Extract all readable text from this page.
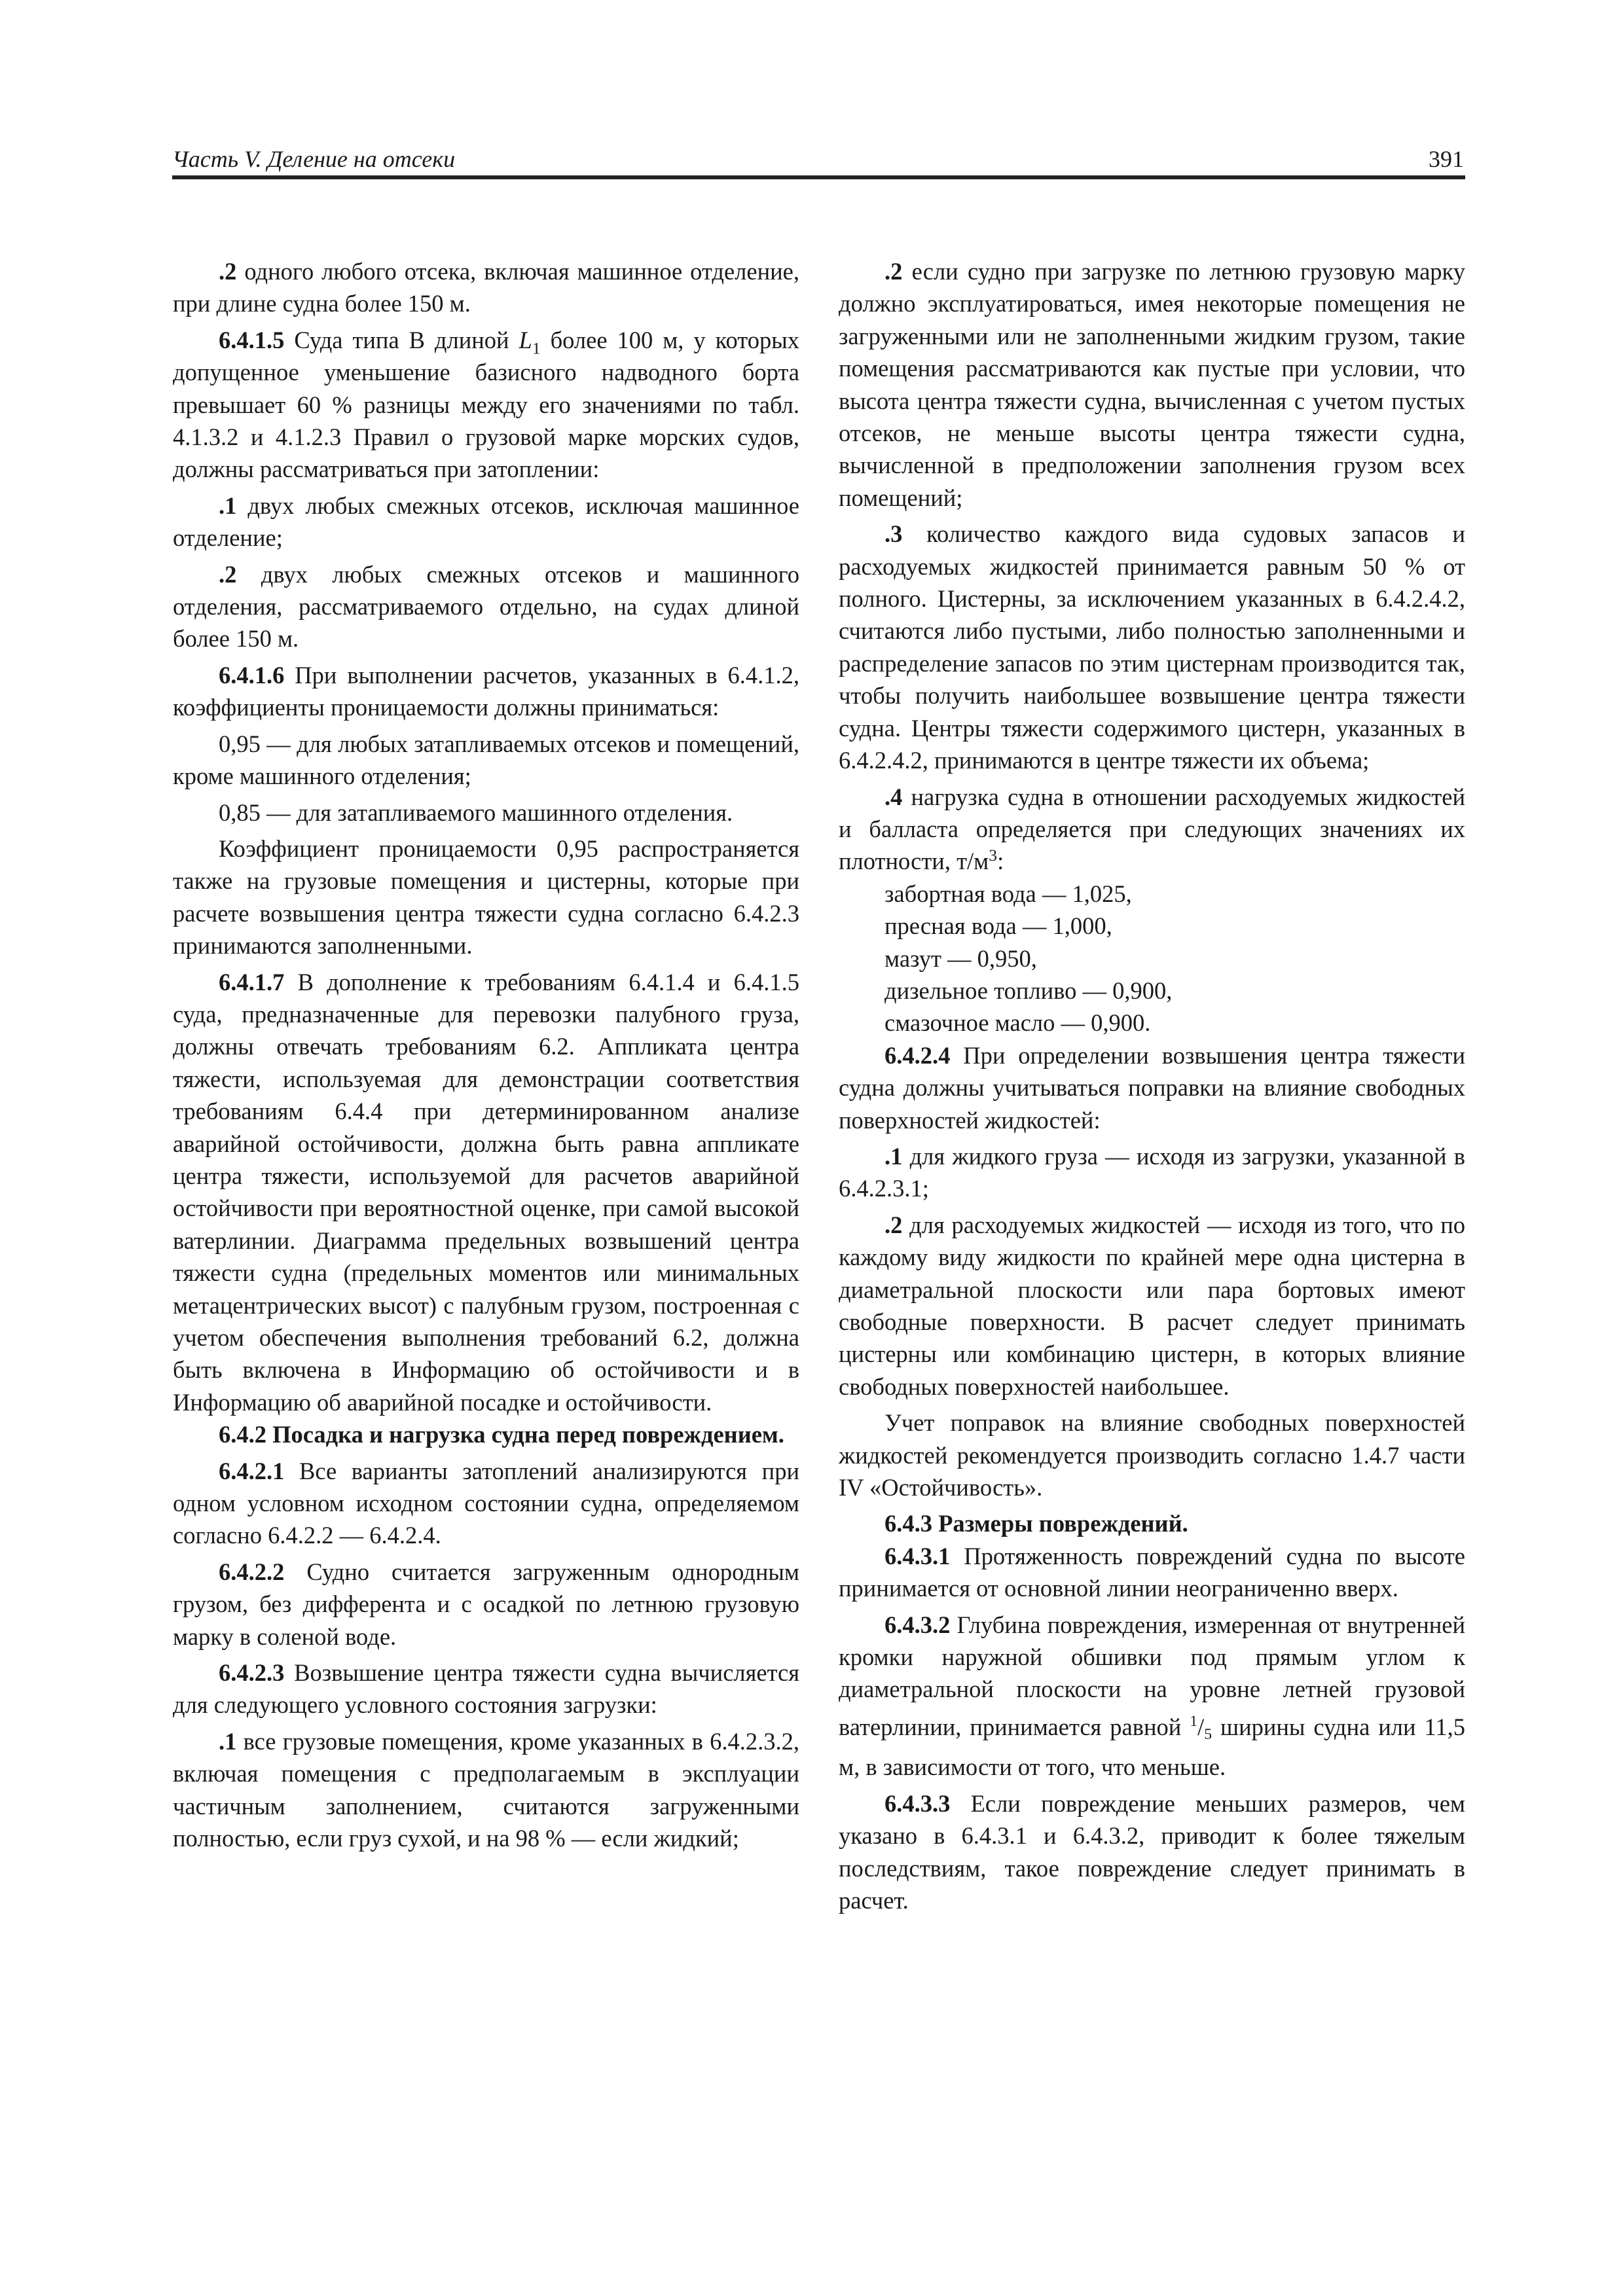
Часть V. Деление на отсеки	391

.2 одного любого отсека, включая машинное отделение, при длине судна более 150 м.

6.4.1.5 Суда типа B длиной $L_1$ более 100 м, у которых допущенное уменьшение базисного надводного борта превышает 60 % разницы между его значениями по табл. 4.1.3.2 и 4.1.2.3 Правил о грузовой марке морских судов, должны рассматриваться при затоплении:

.1 двух любых смежных отсеков, исключая машинное отделение;

.2 двух любых смежных отсеков и машинного отделения, рассматриваемого отдельно, на судах длиной более 150 м.

6.4.1.6 При выполнении расчетов, указанных в 6.4.1.2, коэффициенты проницаемости должны приниматься:

0,95 — для любых затапливаемых отсеков и помещений, кроме машинного отделения;

0,85 — для затапливаемого машинного отделения.

Коэффициент проницаемости 0,95 распространяется также на грузовые помещения и цистерны, которые при расчете возвышения центра тяжести судна согласно 6.4.2.3 принимаются заполненными.

6.4.1.7 В дополнение к требованиям 6.4.1.4 и 6.4.1.5 суда, предназначенные для перевозки палубного груза, должны отвечать требованиям 6.2. Аппликата центра тяжести, используемая для демонстрации соответствия требованиям 6.4.4 при детерминированном анализе аварийной остойчивости, должна быть равна аппликате центра тяжести, используемой для расчетов аварийной остойчивости при вероятностной оценке, при самой высокой ватерлинии. Диаграмма предельных возвышений центра тяжести судна (предельных моментов или минимальных метацентрических высот) с палубным грузом, построенная с учетом обеспечения выполнения требований 6.2, должна быть включена в Информацию об остойчивости и в Информацию об аварийной посадке и остойчивости.

6.4.2 Посадка и нагрузка судна перед повреждением.

6.4.2.1 Все варианты затоплений анализируются при одном условном исходном состоянии судна, определяемом согласно 6.4.2.2 — 6.4.2.4.

6.4.2.2 Судно считается загруженным однородным грузом, без дифферента и с осадкой по летнюю грузовую марку в соленой воде.

6.4.2.3 Возвышение центра тяжести судна вычисляется для следующего условного состояния загрузки:

.1 все грузовые помещения, кроме указанных в 6.4.2.3.2, включая помещения с предполагаемым в эксплуации частичным заполнением, считаются загруженными полностью, если груз сухой, и на 98 % — если жидкий;

.2 если судно при загрузке по летнюю грузовую марку должно эксплуатироваться, имея некоторые помещения не загруженными или не заполненными жидким грузом, такие помещения рассматриваются как пустые при условии, что высота центра тяжести судна, вычисленная с учетом пустых отсеков, не меньше высоты центра тяжести судна, вычисленной в предположении заполнения грузом всех помещений;

.3 количество каждого вида судовых запасов и расходуемых жидкостей принимается равным 50 % от полного. Цистерны, за исключением указанных в 6.4.2.4.2, считаются либо пустыми, либо полностью заполненными и распределение запасов по этим цистернам производится так, чтобы получить наибольшее возвышение центра тяжести судна. Центры тяжести содержимого цистерн, указанных в 6.4.2.4.2, принимаются в центре тяжести их объема;

.4 нагрузка судна в отношении расходуемых жидкостей и балласта определяется при следующих значениях их плотности, $т/м^3$:

забортная вода — 1,025,

пресная вода — 1,000,

мазут — 0,950,

дизельное топливо — 0,900,

смазочное масло — 0,900.

6.4.2.4 При определении возвышения центра тяжести судна должны учитываться поправки на влияние свободных поверхностей жидкостей:

.1 для жидкого груза — исходя из загрузки, указанной в 6.4.2.3.1;

.2 для расходуемых жидкостей — исходя из того, что по каждому виду жидкости по крайней мере одна цистерна в диаметральной плоскости или пара бортовых имеют свободные поверхности. В расчет следует принимать цистерны или комбинацию цистерн, в которых влияние свободных поверхностей наибольшее.

Учет поправок на влияние свободных поверхностей жидкостей рекомендуется производить согласно 1.4.7 части IV «Остойчивость».

6.4.3 Размеры повреждений.

6.4.3.1 Протяженность повреждений судна по высоте принимается от основной линии неограниченно вверх.

6.4.3.2 Глубина повреждения, измеренная от внутренней кромки наружной обшивки под прямым углом к диаметральной плоскости на уровне летней грузовой ватерлинии, принимается равной $^1$/5 ширины судна или 11,5 м, в зависимости от того, что меньше.

6.4.3.3 Если повреждение меньших размеров, чем указано в 6.4.3.1 и 6.4.3.2, приводит к более тяжелым последствиям, такое повреждение следует принимать в расчет.
